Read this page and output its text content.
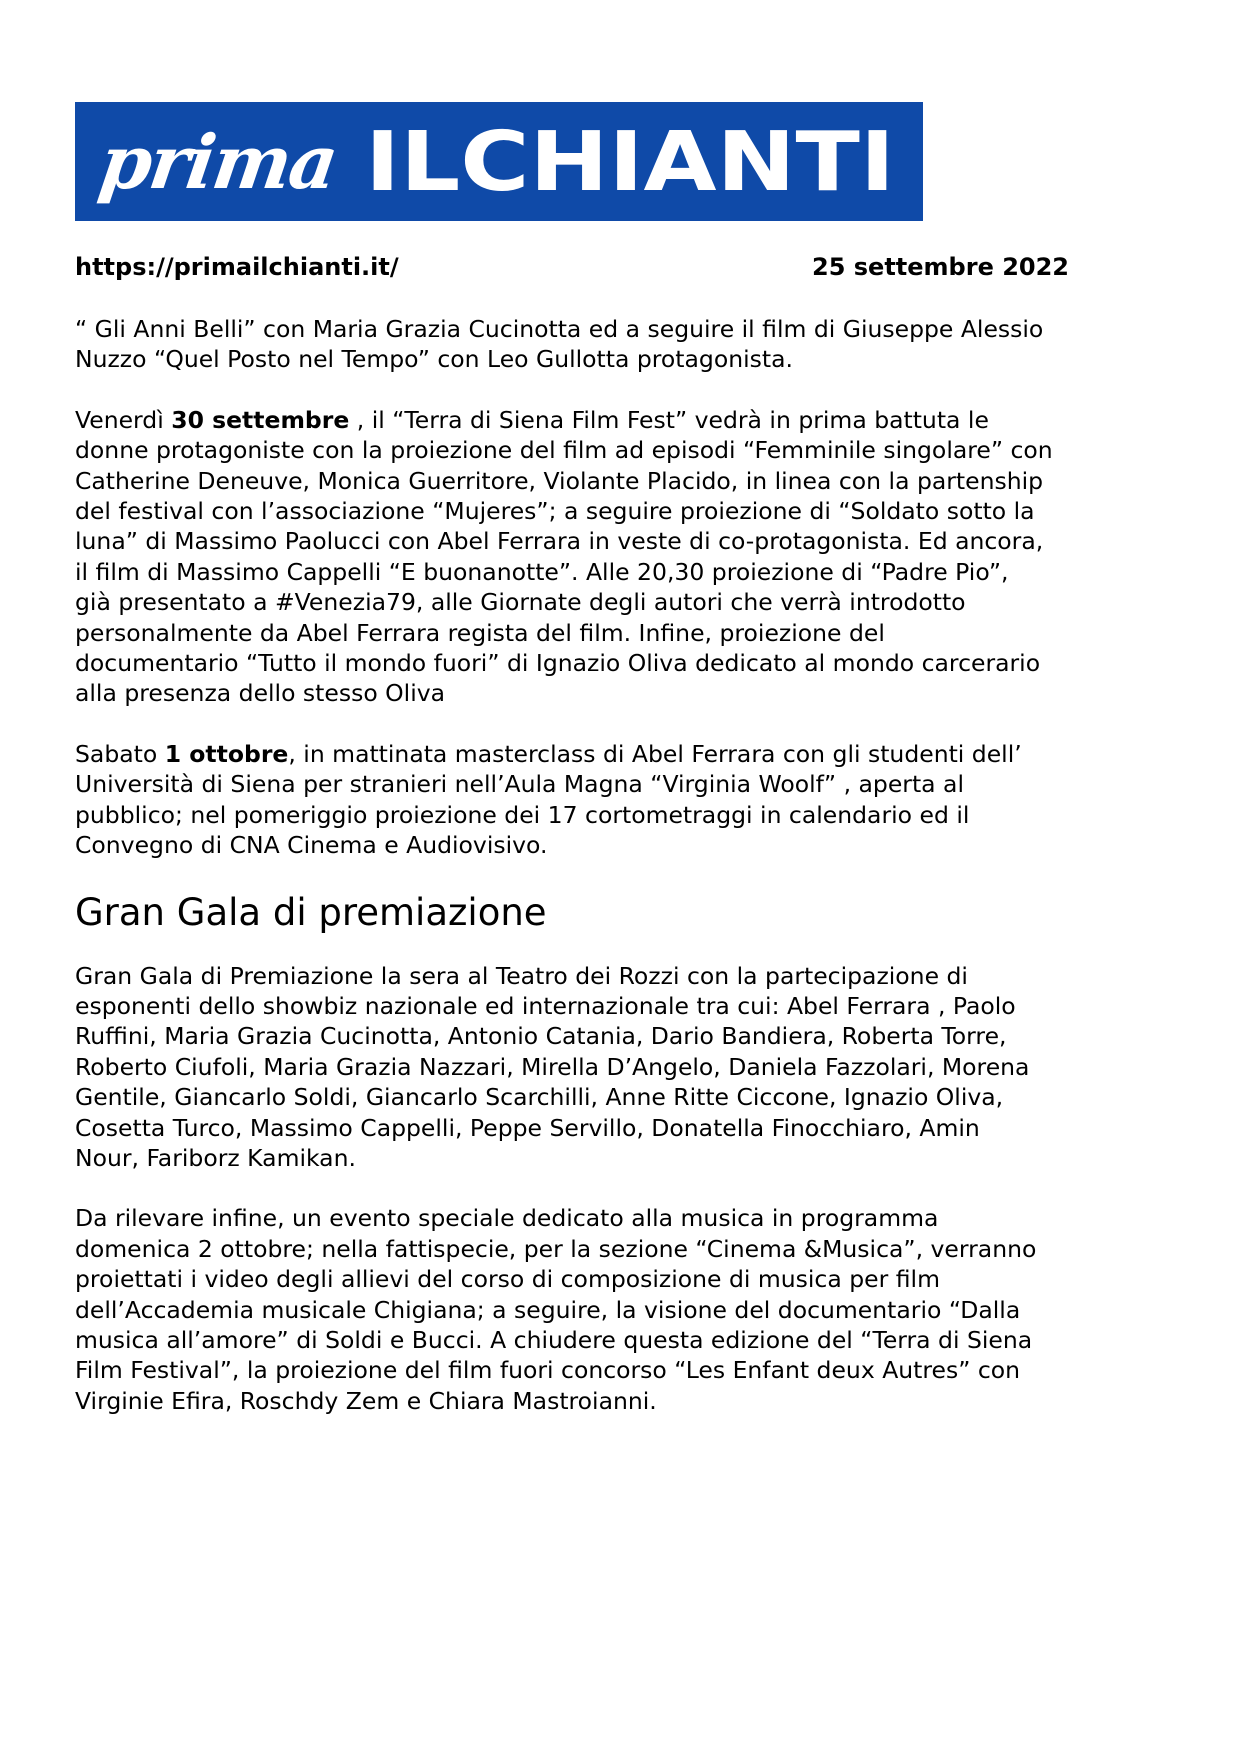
prima ILCHIANTI
https://primailchianti.it/	25 settembre 2022

“ Gli Anni Belli” con Maria Grazia Cucinotta ed a seguire il film di Giuseppe Alessio
Nuzzo “Quel Posto nel Tempo” con Leo Gullotta protagonista.

Venerdì 30 settembre , il “Terra di Siena Film Fest” vedrà in prima battuta le
donne protagoniste con la proiezione del film ad episodi “Femminile singolare” con
Catherine Deneuve, Monica Guerritore, Violante Placido, in linea con la partenship
del festival con l’associazione “Mujeres”; a seguire proiezione di “Soldato sotto la
luna” di Massimo Paolucci con Abel Ferrara in veste di co-protagonista. Ed ancora,
il film di Massimo Cappelli “E buonanotte”. Alle 20,30 proiezione di “Padre Pio”,
già presentato a #Venezia79, alle Giornate degli autori che verrà introdotto
personalmente da Abel Ferrara regista del film. Infine, proiezione del
documentario “Tutto il mondo fuori” di Ignazio Oliva dedicato al mondo carcerario
alla presenza dello stesso Oliva

Sabato 1 ottobre, in mattinata masterclass di Abel Ferrara con gli studenti dell’
Università di Siena per stranieri nell’Aula Magna “Virginia Woolf” , aperta al
pubblico; nel pomeriggio proiezione dei 17 cortometraggi in calendario ed il
Convegno di CNA Cinema e Audiovisivo.

Gran Gala di premiazione

Gran Gala di Premiazione la sera al Teatro dei Rozzi con la partecipazione di
esponenti dello showbiz nazionale ed internazionale tra cui: Abel Ferrara , Paolo
Ruffini, Maria Grazia Cucinotta, Antonio Catania, Dario Bandiera, Roberta Torre,
Roberto Ciufoli, Maria Grazia Nazzari, Mirella D’Angelo, Daniela Fazzolari, Morena
Gentile, Giancarlo Soldi, Giancarlo Scarchilli, Anne Ritte Ciccone, Ignazio Oliva,
Cosetta Turco, Massimo Cappelli, Peppe Servillo, Donatella Finocchiaro, Amin
Nour, Fariborz Kamikan.

Da rilevare infine, un evento speciale dedicato alla musica in programma
domenica 2 ottobre; nella fattispecie, per la sezione “Cinema &Musica”, verranno
proiettati i video degli allievi del corso di composizione di musica per film
dell’Accademia musicale Chigiana; a seguire, la visione del documentario “Dalla
musica all’amore” di Soldi e Bucci. A chiudere questa edizione del “Terra di Siena
Film Festival”, la proiezione del film fuori concorso “Les Enfant deux Autres” con
Virginie Efira, Roschdy Zem e Chiara Mastroianni.
